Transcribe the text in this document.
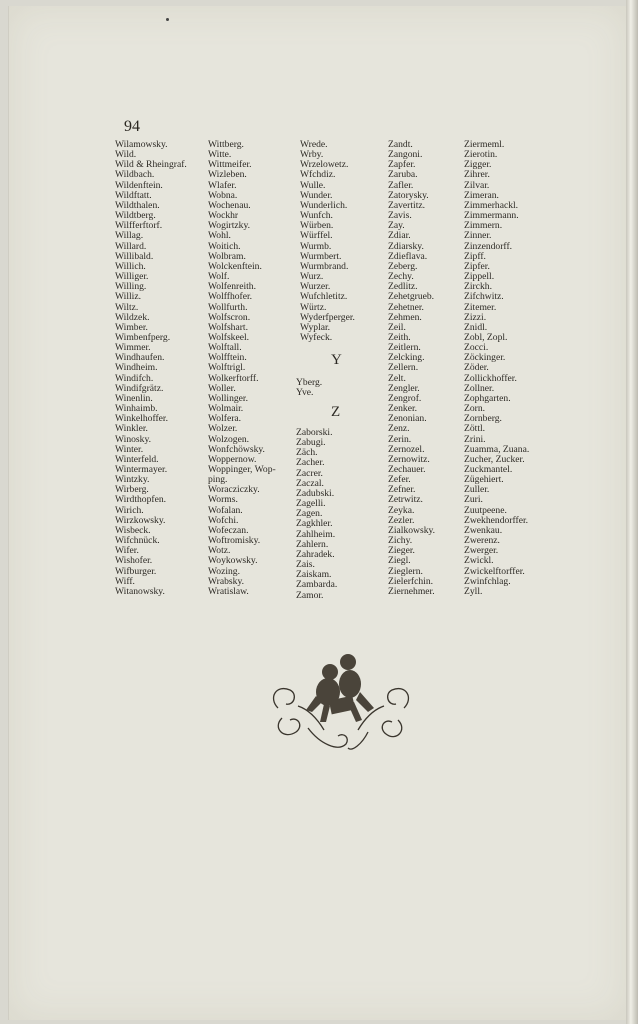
94
Wilamowsky.
Wild.
Wild & Rheingraf.
Wildbach.
Wildenftein.
Wildftatt.
Wildthalen.
Wildtberg.
Wilfferftorf.
Willag.
Willard.
Willibald.
Willich.
Williger.
Willing.
Williz.
Wiltz.
Wildzek.
Wimber.
Wimbenfperg.
Wimmer.
Windhaufen.
Windheim.
Windifch.
Windifgrätz.
Winenlin.
Winhaimb.
Winkelhoffer.
Winkler.
Winosky.
Winter.
Winterfeld.
Wintermayer.
Wintzky.
Wirberg.
Wirdthopfen.
Wirich.
Wirzkowsky.
Wisbeck.
Wifchnück.
Wifer.
Wishofer.
Wifburger.
Wiff.
Witanowsky.
Wittberg.
Witte.
Wittmeifer.
Wizleben.
Wlafer.
Wobna.
Wochenau.
Wockhr
Wogirtzky.
Wohl.
Woitich.
Wolbram.
Wolckenftein.
Wolf.
Wolfenreith.
Wolffhofer.
Wollfurth.
Wolfscron.
Wolfshart.
Wolfskeel.
Wolftall.
Wolfftein.
Wolftrigl.
Wolkerftorff.
Woller.
Wollinger.
Wolmair.
Wolfera.
Wolzer.
Wolzogen.
Wonfchöwsky.
Woppernow.
Woppinger, Wop-
ping.
Woracziczky.
Worms.
Wofalan.
Wofchi.
Wofeczan.
Woftromisky.
Wotz.
Woykowsky.
Wozing.
Wrabsky.
Wratislaw.
Wrede.
Wrby.
Wrzelowetz.
Wfchdiz.
Wulle.
Wunder.
Wunderlich.
Wunfch.
Würben.
Würffel.
Wurmb.
Wurmbert.
Wurmbrand.
Wurz.
Wurzer.
Wufchletitz.
Würtz.
Wyderfperger.
Wyplar.
Wyfeck.
Y
Yberg.
Yve.
Z
Zaborski.
Zabugi.
Zäch.
Zacher.
Zacrer.
Zaczal.
Zadubski.
Zagelli.
Zagen.
Zagkhler.
Zahlheim.
Zahlern.
Zahradek.
Zais.
Zaiskam.
Zambarda.
Zamor.
Zandt.
Zangoni.
Zapfer.
Zaruba.
Zafler.
Zatorysky.
Zavertitz.
Zavis.
Zay.
Zdiar.
Zdiarsky.
Zdieflava.
Zeberg.
Zechy.
Zedlitz.
Zehetgrueb.
Zehetner.
Zehmen.
Zeil.
Zeith.
Zeitlern.
Zelcking.
Zellern.
Zelt.
Zengler.
Zengrof.
Zenker.
Zenonian.
Zenz.
Zerin.
Zernozel.
Zernowitz.
Zechauer.
Zefer.
Zefner.
Zetrwitz.
Zeyka.
Zezler.
Zialkowsky.
Zichy.
Zieger.
Ziegl.
Zieglern.
Zielerfchin.
Ziernehmer.
Ziermeml.
Zierotin.
Zigger.
Zihrer.
Zilvar.
Zimeran.
Zimmerhackl.
Zimmermann.
Zimmern.
Zinner.
Zinzendorff.
Zipff.
Zipfer.
Zippell.
Zirckh.
Zifchwitz.
Zitemer.
Zizzi.
Znidl.
Zobl, Zopl.
Zocci.
Zöckinger.
Zöder.
Zollickhoffer.
Zollner.
Zophgarten.
Zorn.
Zornberg.
Zöttl.
Zrini.
Zuamma, Zuana.
Zucher, Zucker.
Zuckmantel.
Zügehiert.
Zuller.
Zuri.
Zuutpeene.
Zwekhendorffer.
Zwenkau.
Zwerenz.
Zwerger.
Zwickl.
Zwickelftorffer.
Zwinfchlag.
Zyll.
